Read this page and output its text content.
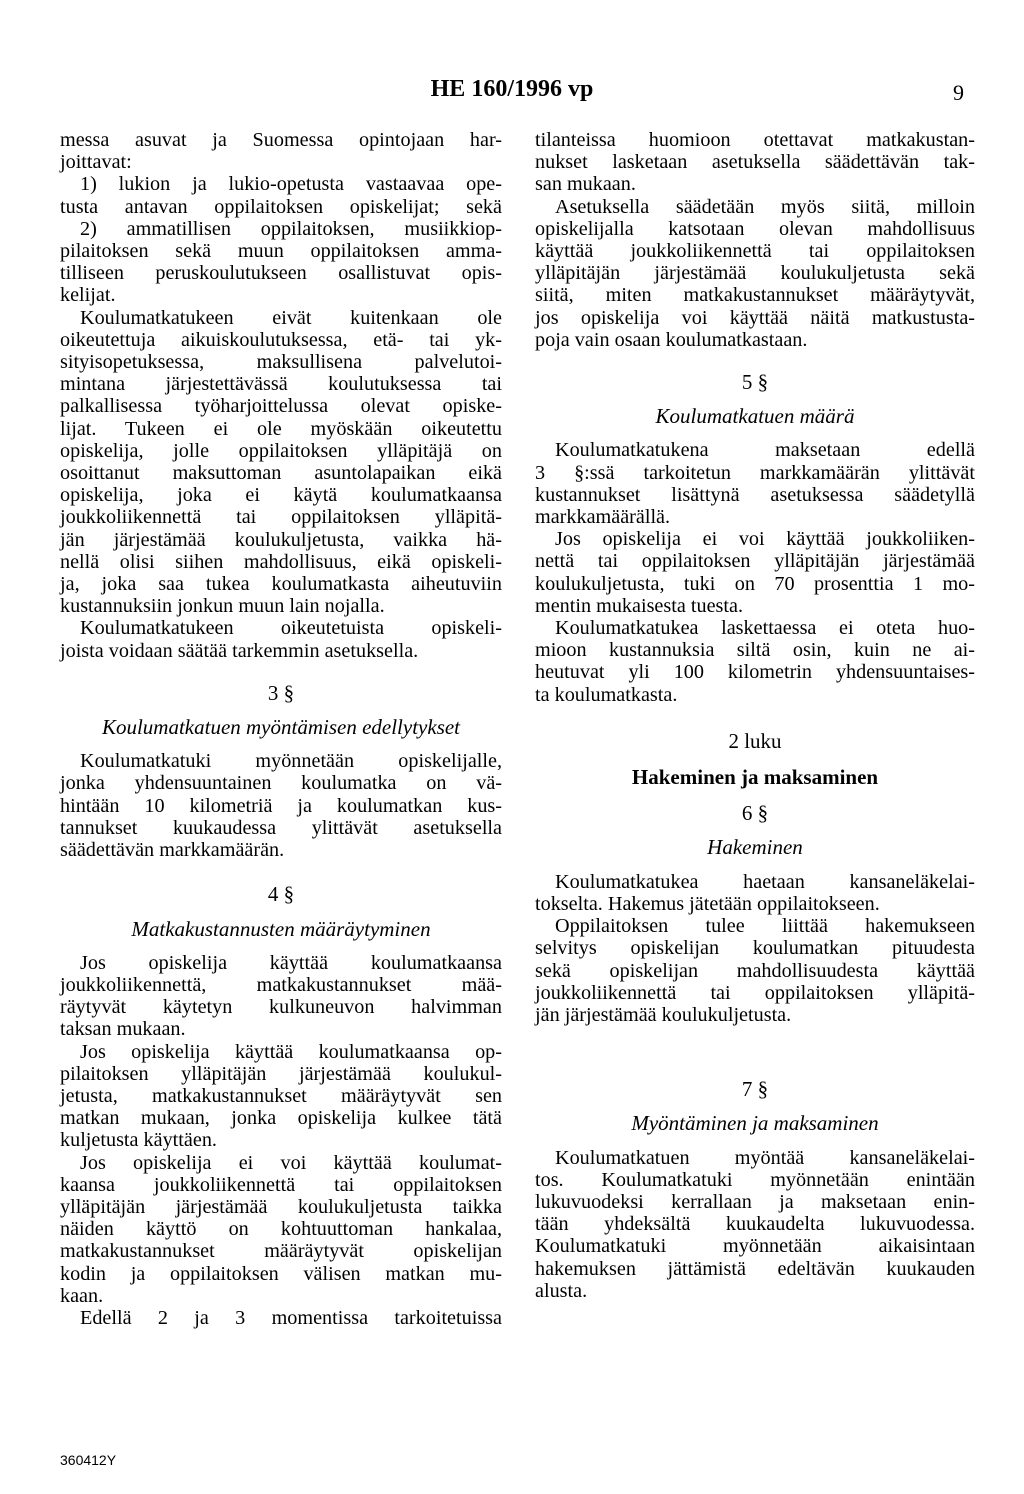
HE 160/1996 vp	9
messa asuvat ja Suomessa opintojaan har-
joittavat:
1) lukion ja lukio-opetusta vastaavaa ope-
tusta antavan oppilaitoksen opiskelijat; sekä
2) ammatillisen oppilaitoksen, musiikkiop-
pilaitoksen sekä muun oppilaitoksen amma-
tilliseen peruskoulutukseen osallistuvat opis-
kelijat.
Koulumatkatukeen eivät kuitenkaan ole
oikeutettuja aikuiskoulutuksessa, etä- tai yk-
sityisopetuksessa, maksullisena palvelutoi-
mintana järjestettävässä koulutuksessa tai
palkallisessa työharjoittelussa olevat opiske-
lijat. Tukeen ei ole myöskään oikeutettu
opiskelija, jolle oppilaitoksen ylläpitäjä on
osoittanut maksuttoman asuntolapaikan eikä
opiskelija, joka ei käytä koulumatkaansa
joukkoliikennettä tai oppilaitoksen ylläpitä-
jän järjestämää koulukuljetusta, vaikka hä-
nellä olisi siihen mahdollisuus, eikä opiskeli-
ja, joka saa tukea koulumatkasta aiheutuviin
kustannuksiin jonkun muun lain nojalla.
Koulumatkatukeen oikeutetuista opiskeli-
joista voidaan säätää tarkemmin asetuksella.
3 §
Koulumatkatuen myöntämisen edellytykset
Koulumatkatuki myönnetään opiskelijalle,
jonka yhdensuuntainen koulumatka on vä-
hintään 10 kilometriä ja koulumatkan kus-
tannukset kuukaudessa ylittävät asetuksella
säädettävän markkamäärän.
4 §
Matkakustannusten määräytyminen
Jos opiskelija käyttää koulumatkaansa
joukkoliikennettä, matkakustannukset mää-
räytyvät käytetyn kulkuneuvon halvimman
taksan mukaan.
Jos opiskelija käyttää koulumatkaansa op-
pilaitoksen ylläpitäjän järjestämää koulukul-
jetusta, matkakustannukset määräytyvät sen
matkan mukaan, jonka opiskelija kulkee tätä
kuljetusta käyttäen.
Jos opiskelija ei voi käyttää koulumat-
kaansa joukkoliikennettä tai oppilaitoksen
ylläpitäjän järjestämää koulukuljetusta taikka
näiden käyttö on kohtuuttoman hankalaa,
matkakustannukset määräytyvät opiskelijan
kodin ja oppilaitoksen välisen matkan mu-
kaan.
Edellä 2 ja 3 momentissa tarkoitetuissa
tilanteissa huomioon otettavat matkakustan-
nukset lasketaan asetuksella säädettävän tak-
san mukaan.
Asetuksella säädetään myös siitä, milloin
opiskelijalla katsotaan olevan mahdollisuus
käyttää joukkoliikennettä tai oppilaitoksen
ylläpitäjän järjestämää koulukuljetusta sekä
siitä, miten matkakustannukset määräytyvät,
jos opiskelija voi käyttää näitä matkustusta-
poja vain osaan koulumatkastaan.
5 §
Koulumatkatuen määrä
Koulumatkatukena maksetaan edellä
3 §:ssä tarkoitetun markkamäärän ylittävät
kustannukset lisättynä asetuksessa säädetyllä
markkamäärällä.
Jos opiskelija ei voi käyttää joukkoliiken-
nettä tai oppilaitoksen ylläpitäjän järjestämää
koulukuljetusta, tuki on 70 prosenttia 1 mo-
mentin mukaisesta tuesta.
Koulumatkatukea laskettaessa ei oteta huo-
mioon kustannuksia siltä osin, kuin ne ai-
heutuvat yli 100 kilometrin yhdensuuntaises-
ta koulumatkasta.
2 luku
Hakeminen ja maksaminen
6 §
Hakeminen
Koulumatkatukea haetaan kansaneläkelai-
tokselta. Hakemus jätetään oppilaitokseen.
Oppilaitoksen tulee liittää hakemukseen
selvitys opiskelijan koulumatkan pituudesta
sekä opiskelijan mahdollisuudesta käyttää
joukkoliikennettä tai oppilaitoksen ylläpitä-
jän järjestämää koulukuljetusta.
7 §
Myöntäminen ja maksaminen
Koulumatkatuen myöntää kansaneläkelai-
tos. Koulumatkatuki myönnetään enintään
lukuvuodeksi kerrallaan ja maksetaan enin-
tään yhdeksältä kuukaudelta lukuvuodessa.
Koulumatkatuki myönnetään aikaisintaan
hakemuksen jättämistä edeltävän kuukauden
alusta.
360412Y
